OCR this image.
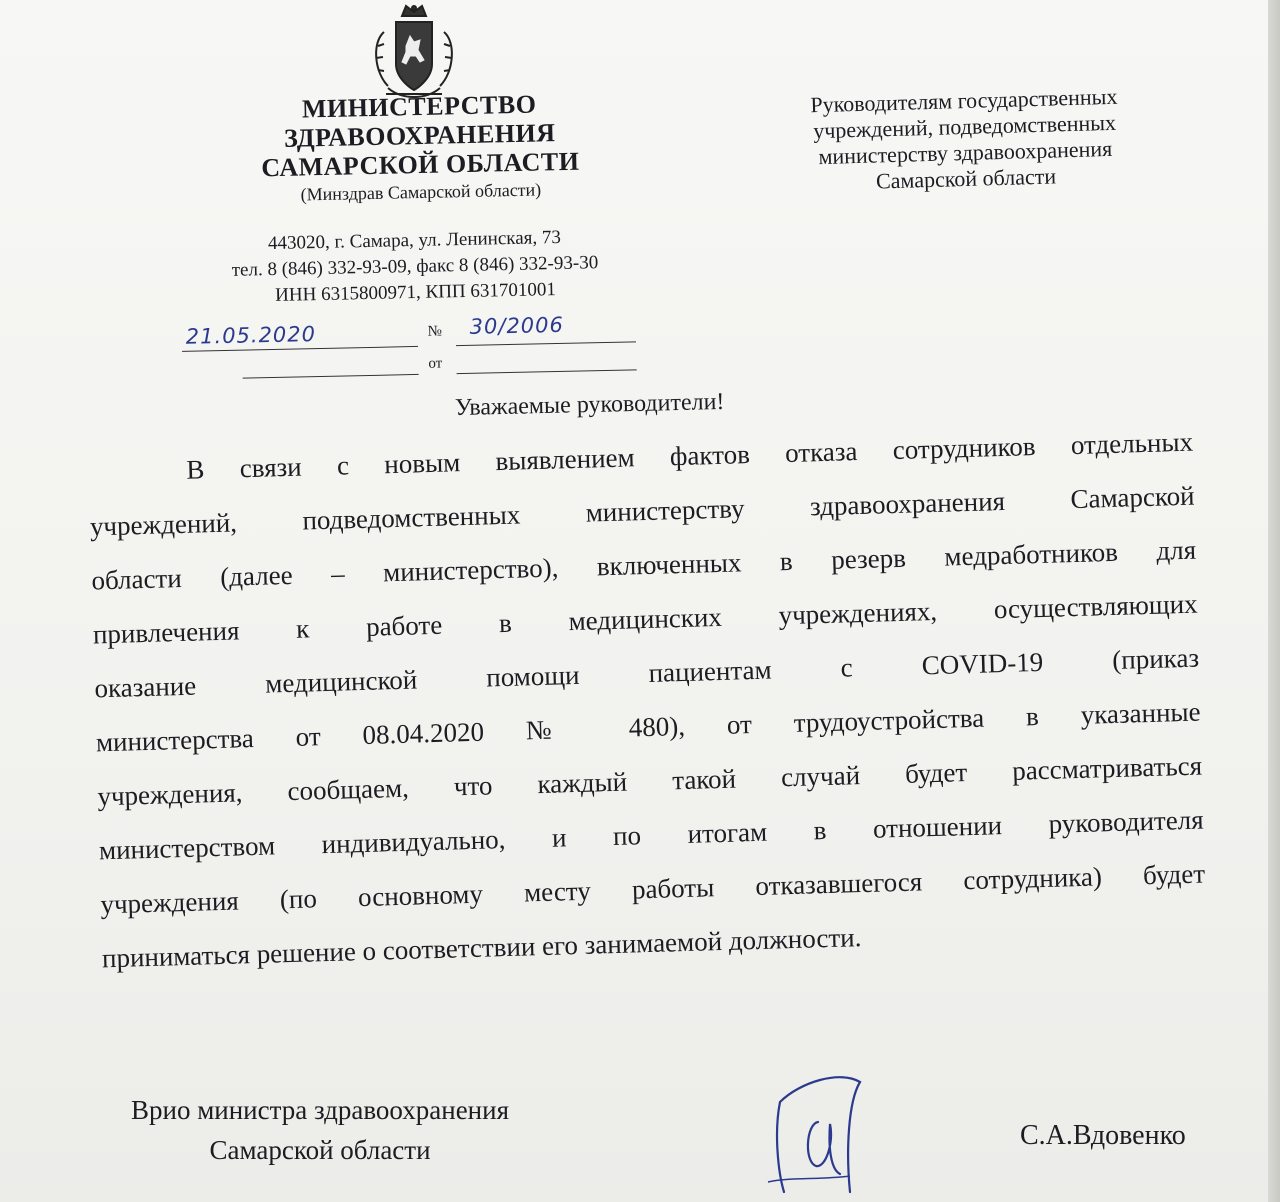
МИНИСТЕРСТВО
ЗДРАВООХРАНЕНИЯ
САМАРСКОЙ ОБЛАСТИ
(Минздрав Самарской области)
443020, г. Самара, ул. Ленинская, 73
тел. 8 (846) 332-93-09, факс 8 (846) 332-93-30
ИНН 6315800971, КПП 631701001
21.05.2020	№ 30/2006
от
Руководителям государственных
учреждений, подведомственных
министерству здравоохранения
Самарской области
Уважаемые руководители!
В связи с новым выявлением фактов отказа сотрудников отдельных
учреждений, подведомственных министерству здравоохранения Самарской
области (далее – министерство), включенных в резерв медработников для
привлечения к работе в медицинских учреждениях, осуществляющих
оказание медицинской помощи пациентам с COVID-19 (приказ
министерства от 08.04.2020 № 480), от трудоустройства в указанные
учреждения, сообщаем, что каждый такой случай будет рассматриваться
министерством индивидуально, и по итогам в отношении руководителя
учреждения (по основному месту работы отказавшегося сотрудника) будет
приниматься решение о соответствии его занимаемой должности.
Врио министра здравоохранения
Самарской области	С.А.Вдовенко
